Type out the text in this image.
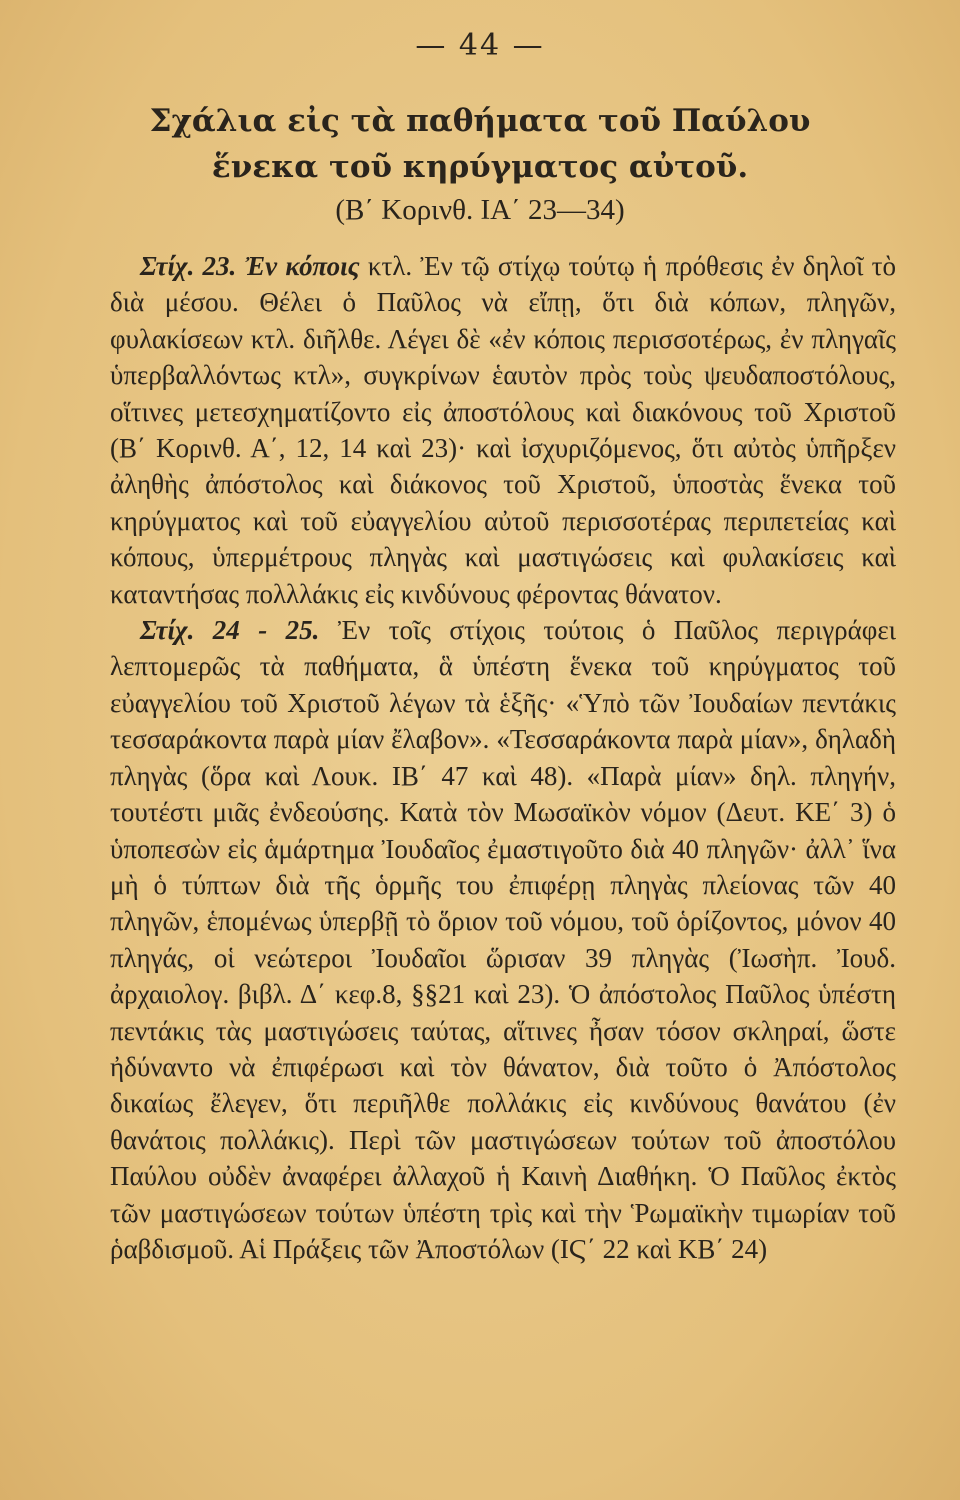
— 44 —
Σχάλια εἰς τὰ παθήματα τοῦ Παύλου
ἕνεκα τοῦ κηρύγματος αὐτοῦ.
(Β΄ Κορινθ. ΙΑ΄ 23—34)

Στίχ. 23. Ἐν κόποις κτλ. Ἐν τῷ στίχῳ τούτῳ ἡ πρόθεσις ἐν δηλοῖ τὸ διὰ μέσου. Θέλει ὁ Παῦλος νὰ εἴπῃ, ὅτι διὰ κόπων, πληγῶν, φυλακίσεων κτλ. διῆλθε. Λέγει δὲ «ἐν κόποις περισσοτέρως, ἐν πληγαῖς ὑπερβαλλόντως κτλ», συγκρίνων ἑαυτὸν πρὸς τοὺς ψευδαποστόλους, οἵτινες μετεσχηματίζοντο εἰς ἀποστόλους καὶ διακόνους τοῦ Χριστοῦ (Β΄ Κορινθ. Α΄, 12, 14 καὶ 23)· καὶ ἰσχυριζόμενος, ὅτι αὐτὸς ὑπῆρξεν ἀληθὴς ἀπόστολος καὶ διάκονος τοῦ Χριστοῦ, ὑποστὰς ἕνεκα τοῦ κηρύγματος καὶ τοῦ εὐαγγελίου αὐτοῦ περισσοτέρας περιπετείας καὶ κόπους, ὑπερμέτρους πληγὰς καὶ μαστιγώσεις καὶ φυλακίσεις καὶ καταντήσας πολλλάκις εἰς κινδύνους φέροντας θάνατον.

Στίχ. 24 - 25. Ἐν τοῖς στίχοις τούτοις ὁ Παῦλος περιγράφει λεπτομερῶς τὰ παθήματα, ἃ ὑπέστη ἕνεκα τοῦ κηρύγματος τοῦ εὐαγγελίου τοῦ Χριστοῦ λέγων τὰ ἑξῆς· «Ὑπὸ τῶν Ἰουδαίων πεντάκις τεσσαράκοντα παρὰ μίαν ἔλαβον». «Τεσσαράκοντα παρὰ μίαν», δηλαδὴ πληγὰς (ὅρα καὶ Λουκ. ΙΒ΄ 47 καὶ 48). «Παρὰ μίαν» δηλ. πληγήν, τουτέστι μιᾶς ἐνδεούσης. Κατὰ τὸν Μωσαϊκὸν νόμον (Δευτ. ΚΕ΄ 3) ὁ ὑποπεσὼν εἰς ἁμάρτημα Ἰουδαῖος ἐμαστιγοῦτο διὰ 40 πληγῶν· ἀλλ᾽ ἵνα μὴ ὁ τύπτων διὰ τῆς ὁρμῆς του ἐπιφέρῃ πληγὰς πλείονας τῶν 40 πληγῶν, ἑπομένως ὑπερβῇ τὸ ὅριον τοῦ νόμου, τοῦ ὁρίζοντος, μόνον 40 πληγάς, οἱ νεώτεροι Ἰουδαῖοι ὥρισαν 39 πληγὰς (Ἰωσὴπ. Ἰουδ. ἀρχαιολογ. βιβλ. Δ΄ κεφ.8, §§21 καὶ 23). Ὁ ἀπόστολος Παῦλος ὑπέστη πεντάκις τὰς μαστιγώσεις ταύτας, αἵτινες ἦσαν τόσον σκληραί, ὥστε ἠδύναντο νὰ ἐπιφέρωσι καὶ τὸν θάνατον, διὰ τοῦτο ὁ Ἀπόστολος δικαίως ἔλεγεν, ὅτι περιῆλθε πολλάκις εἰς κινδύνους θανάτου (ἐν θανάτοις πολλάκις). Περὶ τῶν μαστιγώσεων τούτων τοῦ ἀποστόλου Παύλου οὐδὲν ἀναφέρει ἀλλαχοῦ ἡ Καινὴ Διαθήκη. Ὁ Παῦλος ἐκτὸς τῶν μαστιγώσεων τούτων ὑπέστη τρὶς καὶ τὴν Ῥωμαϊκὴν τιμωρίαν τοῦ ῥαβδισμοῦ. Αἱ Πράξεις τῶν Ἀποστόλων (ΙϚ΄ 22 καὶ ΚΒ΄ 24)
